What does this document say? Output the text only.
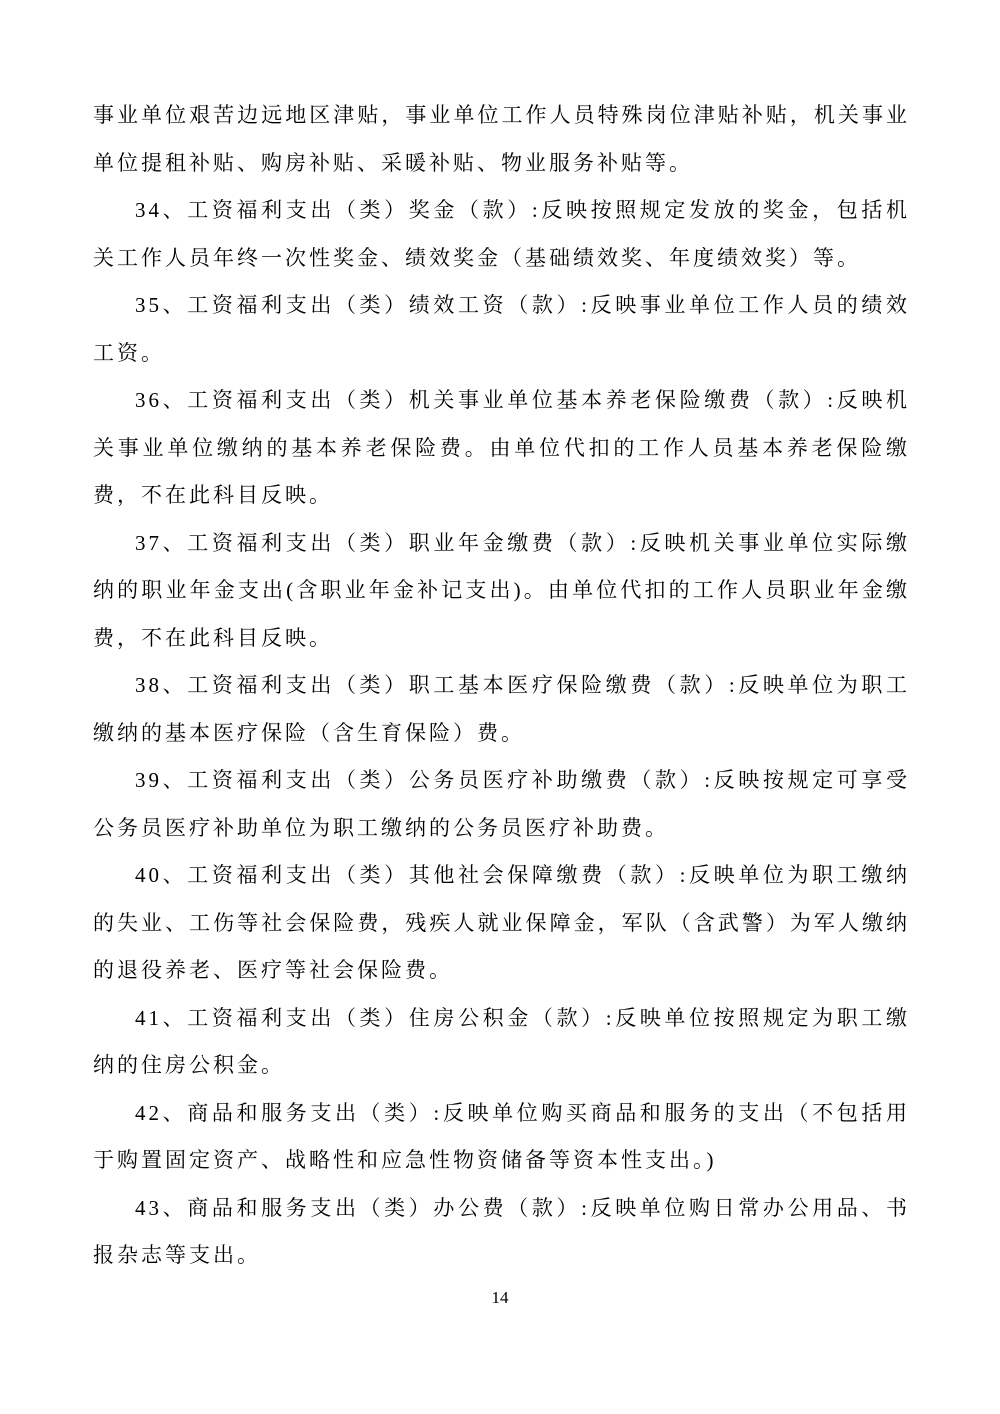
事业单位艰苦边远地区津贴，事业单位工作人员特殊岗位津贴补贴，机关事业单位提租补贴、购房补贴、采暖补贴、物业服务补贴等。

34、工资福利支出（类）奖金（款）:反映按照规定发放的奖金，包括机关工作人员年终一次性奖金、绩效奖金（基础绩效奖、年度绩效奖）等。

35、工资福利支出（类）绩效工资（款）:反映事业单位工作人员的绩效工资。

36、工资福利支出（类）机关事业单位基本养老保险缴费（款）:反映机关事业单位缴纳的基本养老保险费。由单位代扣的工作人员基本养老保险缴费，不在此科目反映。

37、工资福利支出（类）职业年金缴费（款）:反映机关事业单位实际缴纳的职业年金支出(含职业年金补记支出)。由单位代扣的工作人员职业年金缴费，不在此科目反映。

38、工资福利支出（类）职工基本医疗保险缴费（款）:反映单位为职工缴纳的基本医疗保险（含生育保险）费。

39、工资福利支出（类）公务员医疗补助缴费（款）:反映按规定可享受公务员医疗补助单位为职工缴纳的公务员医疗补助费。

40、工资福利支出（类）其他社会保障缴费（款）:反映单位为职工缴纳的失业、工伤等社会保险费，残疾人就业保障金，军队（含武警）为军人缴纳的退役养老、医疗等社会保险费。

41、工资福利支出（类）住房公积金（款）:反映单位按照规定为职工缴纳的住房公积金。

42、商品和服务支出（类）:反映单位购买商品和服务的支出（不包括用于购置固定资产、战略性和应急性物资储备等资本性支出。)

43、商品和服务支出（类）办公费（款）:反映单位购日常办公用品、书报杂志等支出。

14
